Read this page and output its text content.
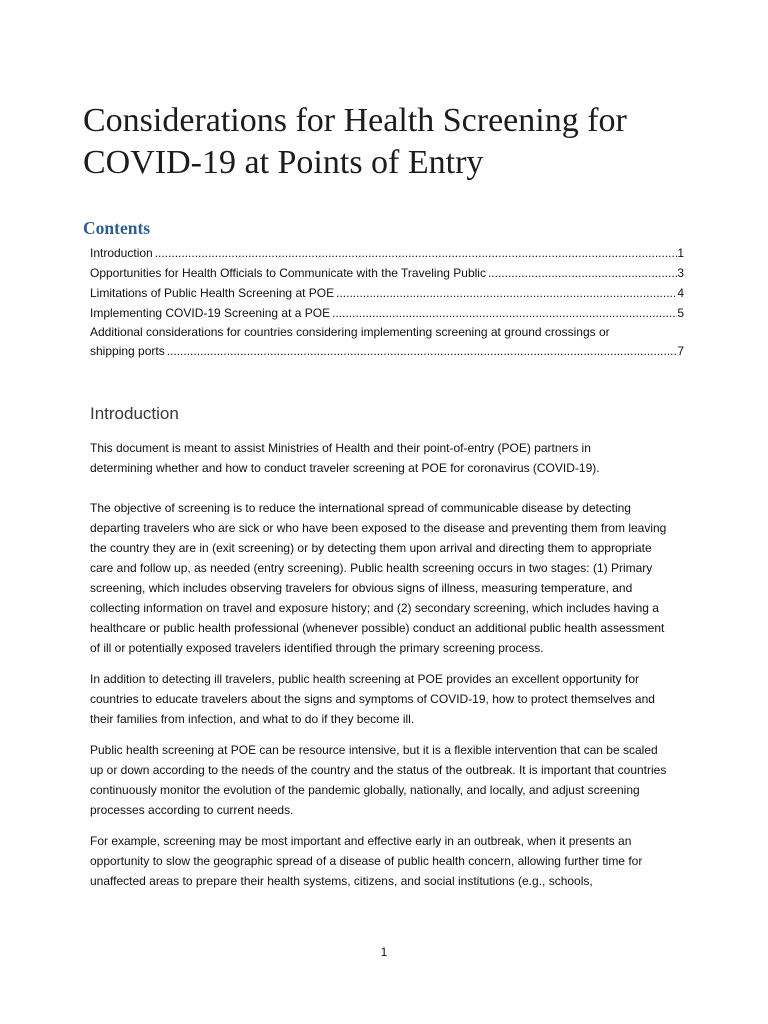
Considerations for Health Screening for COVID-19 at Points of Entry
Contents
Introduction .....	1
Opportunities for Health Officials to Communicate with the Traveling Public .....	3
Limitations of Public Health Screening at POE .....	4
Implementing COVID-19 Screening at a POE .....	5
Additional considerations for countries considering implementing screening at ground crossings or
shipping ports .....	7
Introduction

This document is meant to assist Ministries of Health and their point-of-entry (POE) partners in determining whether and how to conduct traveler screening at POE for coronavirus (COVID-19).

The objective of screening is to reduce the international spread of communicable disease by detecting departing travelers who are sick or who have been exposed to the disease and preventing them from leaving the country they are in (exit screening) or by detecting them upon arrival and directing them to appropriate care and follow up, as needed (entry screening). Public health screening occurs in two stages: (1) Primary screening, which includes observing travelers for obvious signs of illness, measuring temperature, and collecting information on travel and exposure history; and (2) secondary screening, which includes having a healthcare or public health professional (whenever possible) conduct an additional public health assessment of ill or potentially exposed travelers identified through the primary screening process.

In addition to detecting ill travelers, public health screening at POE provides an excellent opportunity for countries to educate travelers about the signs and symptoms of COVID-19, how to protect themselves and their families from infection, and what to do if they become ill.

Public health screening at POE can be resource intensive, but it is a flexible intervention that can be scaled up or down according to the needs of the country and the status of the outbreak. It is important that countries continuously monitor the evolution of the pandemic globally, nationally, and locally, and adjust screening processes according to current needs.

For example, screening may be most important and effective early in an outbreak, when it presents an opportunity to slow the geographic spread of a disease of public health concern, allowing further time for unaffected areas to prepare their health systems, citizens, and social institutions (e.g., schools,

1
